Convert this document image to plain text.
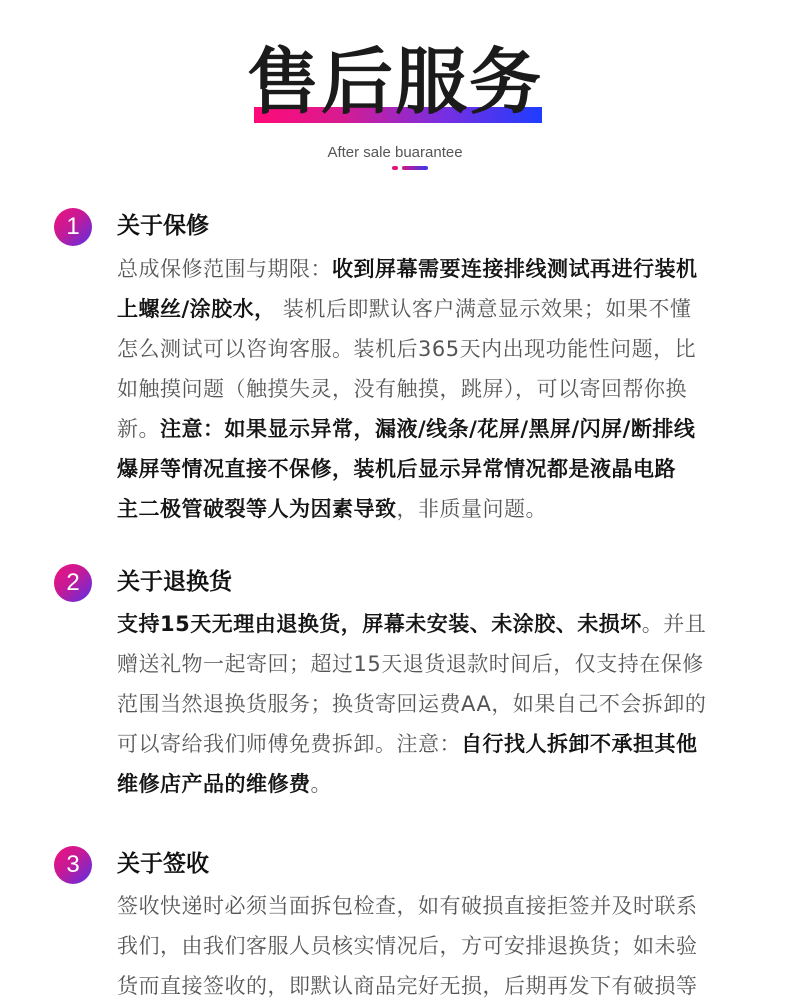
售后服务
After sale buarantee
1	关于保修
总成保修范围与期限：收到屏幕需要连接排线测试再进行装机
上螺丝/涂胶水， 装机后即默认客户满意显示效果；如果不懂
怎么测试可以咨询客服。装机后365天内出现功能性问题，比
如触摸问题（触摸失灵，没有触摸，跳屏），可以寄回帮你换
新。注意：如果显示异常，漏液/线条/花屏/黑屏/闪屏/断排线
爆屏等情况直接不保修，装机后显示异常情况都是液晶电路
主二极管破裂等人为因素导致，非质量问题。
2	关于退换货
支持15天无理由退换货，屏幕未安装、未涂胶、未损坏。并且
赠送礼物一起寄回；超过15天退货退款时间后，仅支持在保修
范围当然退换货服务；换货寄回运费AA，如果自己不会拆卸的
可以寄给我们师傅免费拆卸。注意：自行找人拆卸不承担其他
维修店产品的维修费。
3	关于签收
签收快递时必须当面拆包检查，如有破损直接拒签并及时联系
我们，由我们客服人员核实情况后，方可安排退换货；如未验
货而直接签收的，即默认商品完好无损，后期再发下有破损等
